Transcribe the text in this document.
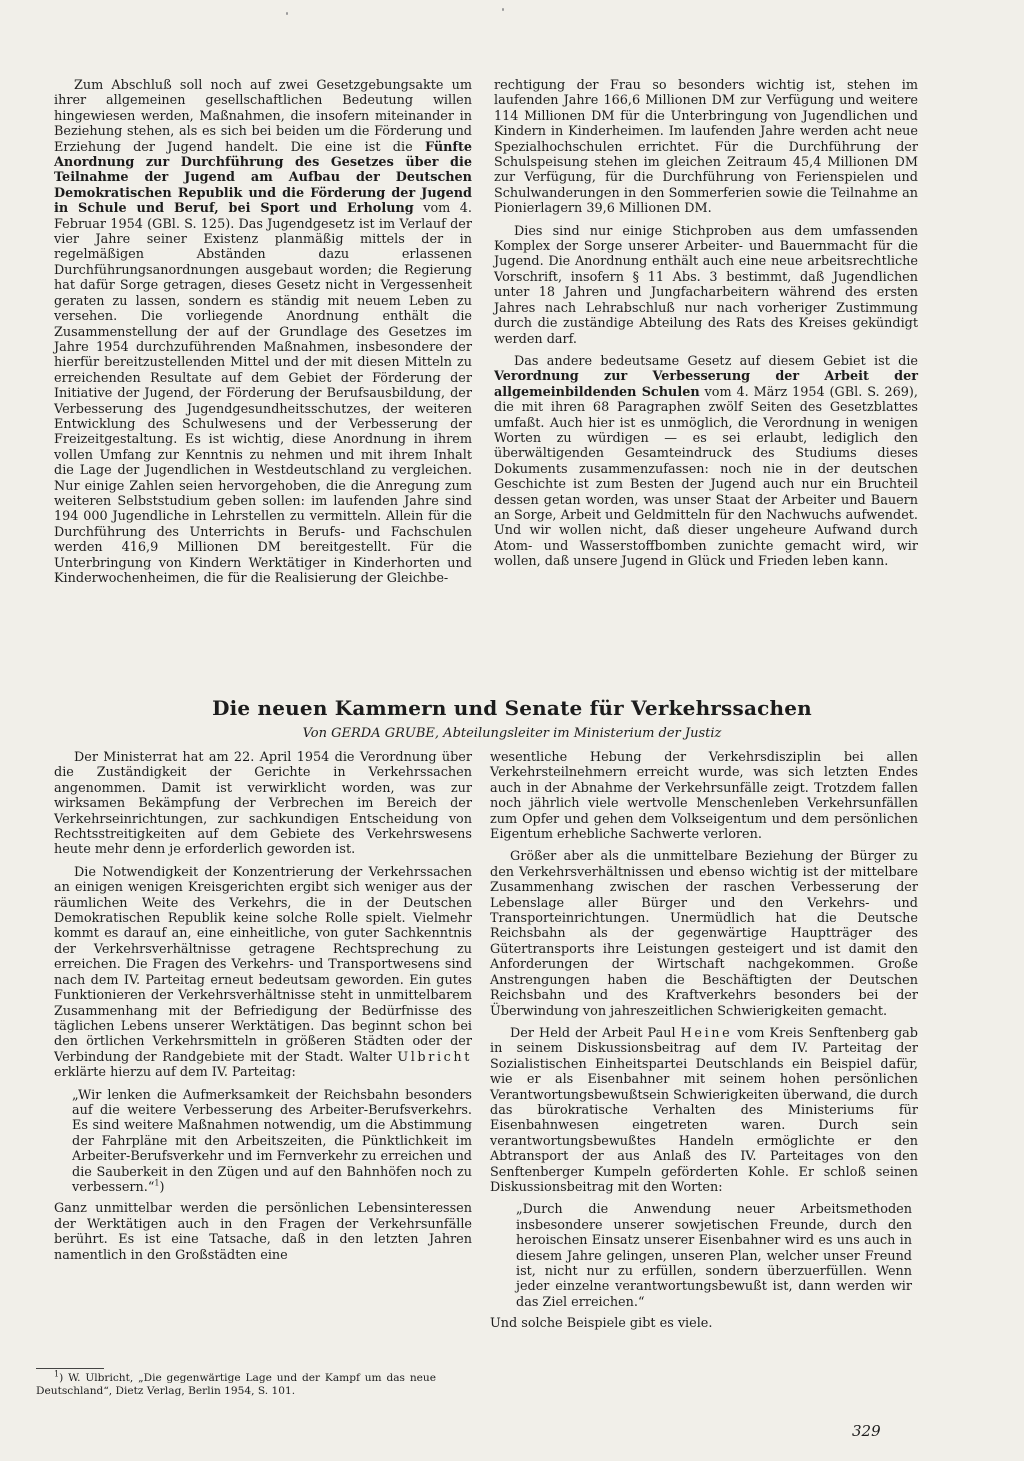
Zum Abschluß soll noch auf zwei Gesetzgebungsakte um ihrer allgemeinen gesellschaftlichen Bedeutung willen hingewiesen werden, Maßnahmen, die insofern miteinander in Beziehung stehen, als es sich bei beiden um die Förderung und Erziehung der Jugend handelt. Die eine ist die Fünfte Anordnung zur Durchführung des Gesetzes über die Teilnahme der Jugend am Aufbau der Deutschen Demokratischen Republik und die Förderung der Jugend in Schule und Beruf, bei Sport und Erholung vom 4. Februar 1954 (GBl. S. 125). Das Jugendgesetz ist im Verlauf der vier Jahre seiner Existenz planmäßig mittels der in regelmäßigen Abständen dazu erlassenen Durchführungsanordnungen ausgebaut worden; die Regierung hat dafür Sorge getragen, dieses Gesetz nicht in Vergessenheit geraten zu lassen, sondern es ständig mit neuem Leben zu versehen. Die vorliegende Anordnung enthält die Zusammenstellung der auf der Grundlage des Gesetzes im Jahre 1954 durchzuführenden Maßnahmen, insbesondere der hierfür bereitzustellenden Mittel und der mit diesen Mitteln zu erreichenden Resultate auf dem Gebiet der Förderung der Initiative der Jugend, der Förderung der Berufsausbildung, der Verbesserung des Jugendgesundheitsschutzes, der weiteren Entwicklung des Schulwesens und der Verbesserung der Freizeitgestaltung. Es ist wichtig, diese Anordnung in ihrem vollen Umfang zur Kenntnis zu nehmen und mit ihrem Inhalt die Lage der Jugendlichen in Westdeutschland zu vergleichen. Nur einige Zahlen seien hervorgehoben, die die Anregung zum weiteren Selbststudium geben sollen: im laufenden Jahre sind 194 000 Jugendliche in Lehrstellen zu vermitteln. Allein für die Durchführung des Unterrichts in Berufs- und Fachschulen werden 416,9 Millionen DM bereitgestellt. Für die Unterbringung von Kindern Werktätiger in Kinderhorten und Kinderwochenheimen, die für die Realisierung der Gleichbe-

rechtigung der Frau so besonders wichtig ist, stehen im laufenden Jahre 166,6 Millionen DM zur Verfügung und weitere 114 Millionen DM für die Unterbringung von Jugendlichen und Kindern in Kinderheimen. Im laufenden Jahre werden acht neue Spezialhochschulen errichtet. Für die Durchführung der Schulspeisung stehen im gleichen Zeitraum 45,4 Millionen DM zur Verfügung, für die Durchführung von Ferienspielen und Schulwanderungen in den Sommerferien sowie die Teilnahme an Pionierlagern 39,6 Millionen DM.

Dies sind nur einige Stichproben aus dem umfassenden Komplex der Sorge unserer Arbeiter- und Bauernmacht für die Jugend. Die Anordnung enthält auch eine neue arbeitsrechtliche Vorschrift, insofern § 11 Abs. 3 bestimmt, daß Jugendlichen unter 18 Jahren und Jungfacharbeitern während des ersten Jahres nach Lehrabschluß nur nach vorheriger Zustimmung durch die zuständige Abteilung des Rats des Kreises gekündigt werden darf.

Das andere bedeutsame Gesetz auf diesem Gebiet ist die Verordnung zur Verbesserung der Arbeit der allgemeinbildenden Schulen vom 4. März 1954 (GBl. S. 269), die mit ihren 68 Paragraphen zwölf Seiten des Gesetzblattes umfaßt. Auch hier ist es unmöglich, die Verordnung in wenigen Worten zu würdigen — es sei erlaubt, lediglich den überwältigenden Gesamteindruck des Studiums dieses Dokuments zusammenzufassen: noch nie in der deutschen Geschichte ist zum Besten der Jugend auch nur ein Bruchteil dessen getan worden, was unser Staat der Arbeiter und Bauern an Sorge, Arbeit und Geldmitteln für den Nachwuchs aufwendet. Und wir wollen nicht, daß dieser ungeheure Aufwand durch Atom- und Wasserstoffbomben zunichte gemacht wird, wir wollen, daß unsere Jugend in Glück und Frieden leben kann.

Die neuen Kammern und Senate für Verkehrssachen
Von GERDA GRUBE, Abteilungsleiter im Ministerium der Justiz

Der Ministerrat hat am 22. April 1954 die Verordnung über die Zuständigkeit der Gerichte in Verkehrssachen angenommen. Damit ist verwirklicht worden, was zur wirksamen Bekämpfung der Verbrechen im Bereich der Verkehrseinrichtungen, zur sachkundigen Entscheidung von Rechtsstreitigkeiten auf dem Gebiete des Verkehrswesens heute mehr denn je erforderlich geworden ist.

Die Notwendigkeit der Konzentrierung der Verkehrssachen an einigen wenigen Kreisgerichten ergibt sich weniger aus der räumlichen Weite des Verkehrs, die in der Deutschen Demokratischen Republik keine solche Rolle spielt. Vielmehr kommt es darauf an, eine einheitliche, von guter Sachkenntnis der Verkehrsverhältnisse getragene Rechtsprechung zu erreichen. Die Fragen des Verkehrs- und Transportwesens sind nach dem IV. Parteitag erneut bedeutsam geworden. Ein gutes Funktionieren der Verkehrsverhältnisse steht in unmittelbarem Zusammenhang mit der Befriedigung der Bedürfnisse des täglichen Lebens unserer Werktätigen. Das beginnt schon bei den örtlichen Verkehrsmitteln in größeren Städten oder der Verbindung der Randgebiete mit der Stadt. Walter Ulbricht erklärte hierzu auf dem IV. Parteitag:

„Wir lenken die Aufmerksamkeit der Reichsbahn besonders auf die weitere Verbesserung des Arbeiter-Berufsverkehrs. Es sind weitere Maßnahmen notwendig, um die Abstimmung der Fahrpläne mit den Arbeitszeiten, die Pünktlichkeit im Arbeiter-Berufsverkehr und im Fernverkehr zu erreichen und die Sauberkeit in den Zügen und auf den Bahnhöfen noch zu verbessern.“$^1$)

Ganz unmittelbar werden die persönlichen Lebensinteressen der Werktätigen auch in den Fragen der Verkehrsunfälle berührt. Es ist eine Tatsache, daß in den letzten Jahren namentlich in den Großstädten eine

wesentliche Hebung der Verkehrsdisziplin bei allen Verkehrsteilnehmern erreicht wurde, was sich letzten Endes auch in der Abnahme der Verkehrsunfälle zeigt. Trotzdem fallen noch jährlich viele wertvolle Menschenleben Verkehrsunfällen zum Opfer und gehen dem Volkseigentum und dem persönlichen Eigentum erhebliche Sachwerte verloren.

Größer aber als die unmittelbare Beziehung der Bürger zu den Verkehrsverhältnissen und ebenso wichtig ist der mittelbare Zusammenhang zwischen der raschen Verbesserung der Lebenslage aller Bürger und den Verkehrs- und Transporteinrichtungen. Unermüdlich hat die Deutsche Reichsbahn als der gegenwärtige Hauptträger des Gütertransports ihre Leistungen gesteigert und ist damit den Anforderungen der Wirtschaft nachgekommen. Große Anstrengungen haben die Beschäftigten der Deutschen Reichsbahn und des Kraftverkehrs besonders bei der Überwindung von jahreszeitlichen Schwierigkeiten gemacht.

Der Held der Arbeit Paul Heine vom Kreis Senftenberg gab in seinem Diskussionsbeitrag auf dem IV. Parteitag der Sozialistischen Einheitspartei Deutschlands ein Beispiel dafür, wie er als Eisenbahner mit seinem hohen persönlichen Verantwortungsbewußtsein Schwierigkeiten überwand, die durch das bürokratische Verhalten des Ministeriums für Eisenbahnwesen eingetreten waren. Durch sein verantwortungsbewußtes Handeln ermöglichte er den Abtransport der aus Anlaß des IV. Parteitages von den Senftenberger Kumpeln geförderten Kohle. Er schloß seinen Diskussionsbeitrag mit den Worten:

„Durch die Anwendung neuer Arbeitsmethoden insbesondere unserer sowjetischen Freunde, durch den heroischen Einsatz unserer Eisenbahner wird es uns auch in diesem Jahre gelingen, unseren Plan, welcher unser Freund ist, nicht nur zu erfüllen, sondern überzuerfüllen. Wenn jeder einzelne verantwortungsbewußt ist, dann werden wir das Ziel erreichen.“

Und solche Beispiele gibt es viele.

$^1$) W. Ulbricht, „Die gegenwärtige Lage und der Kampf um das neue Deutschland“, Dietz Verlag, Berlin 1954, S. 101.
329
